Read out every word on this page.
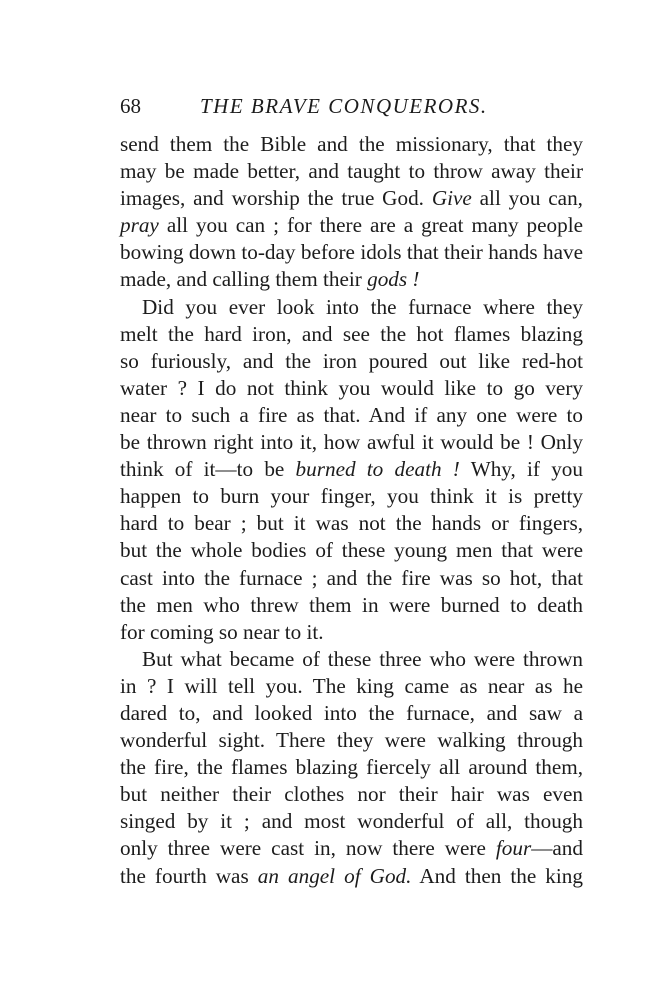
68	THE BRAVE CONQUERORS.
send them the Bible and the missionary, that they
may be made better, and taught to throw away their
images, and worship the true God. Give all you can,
pray all you can ; for there are a great many people
bowing down to-day before idols that their hands have
made, and calling them their gods !
Did you ever look into the furnace where they
melt the hard iron, and see the hot flames blazing
so furiously, and the iron poured out like red-hot
water ? I do not think you would like to go very
near to such a fire as that. And if any one were to
be thrown right into it, how awful it would be ! Only
think of it—to be burned to death ! Why, if you
happen to burn your finger, you think it is pretty
hard to bear ; but it was not the hands or fingers,
but the whole bodies of these young men that were
cast into the furnace ; and the fire was so hot, that
the men who threw them in were burned to death
for coming so near to it.
But what became of these three who were thrown
in ? I will tell you. The king came as near as he
dared to, and looked into the furnace, and saw a
wonderful sight. There they were walking through
the fire, the flames blazing fiercely all around them,
but neither their clothes nor their hair was even
singed by it ; and most wonderful of all, though
only three were cast in, now there were four—and
the fourth was an angel of God. And then the king
